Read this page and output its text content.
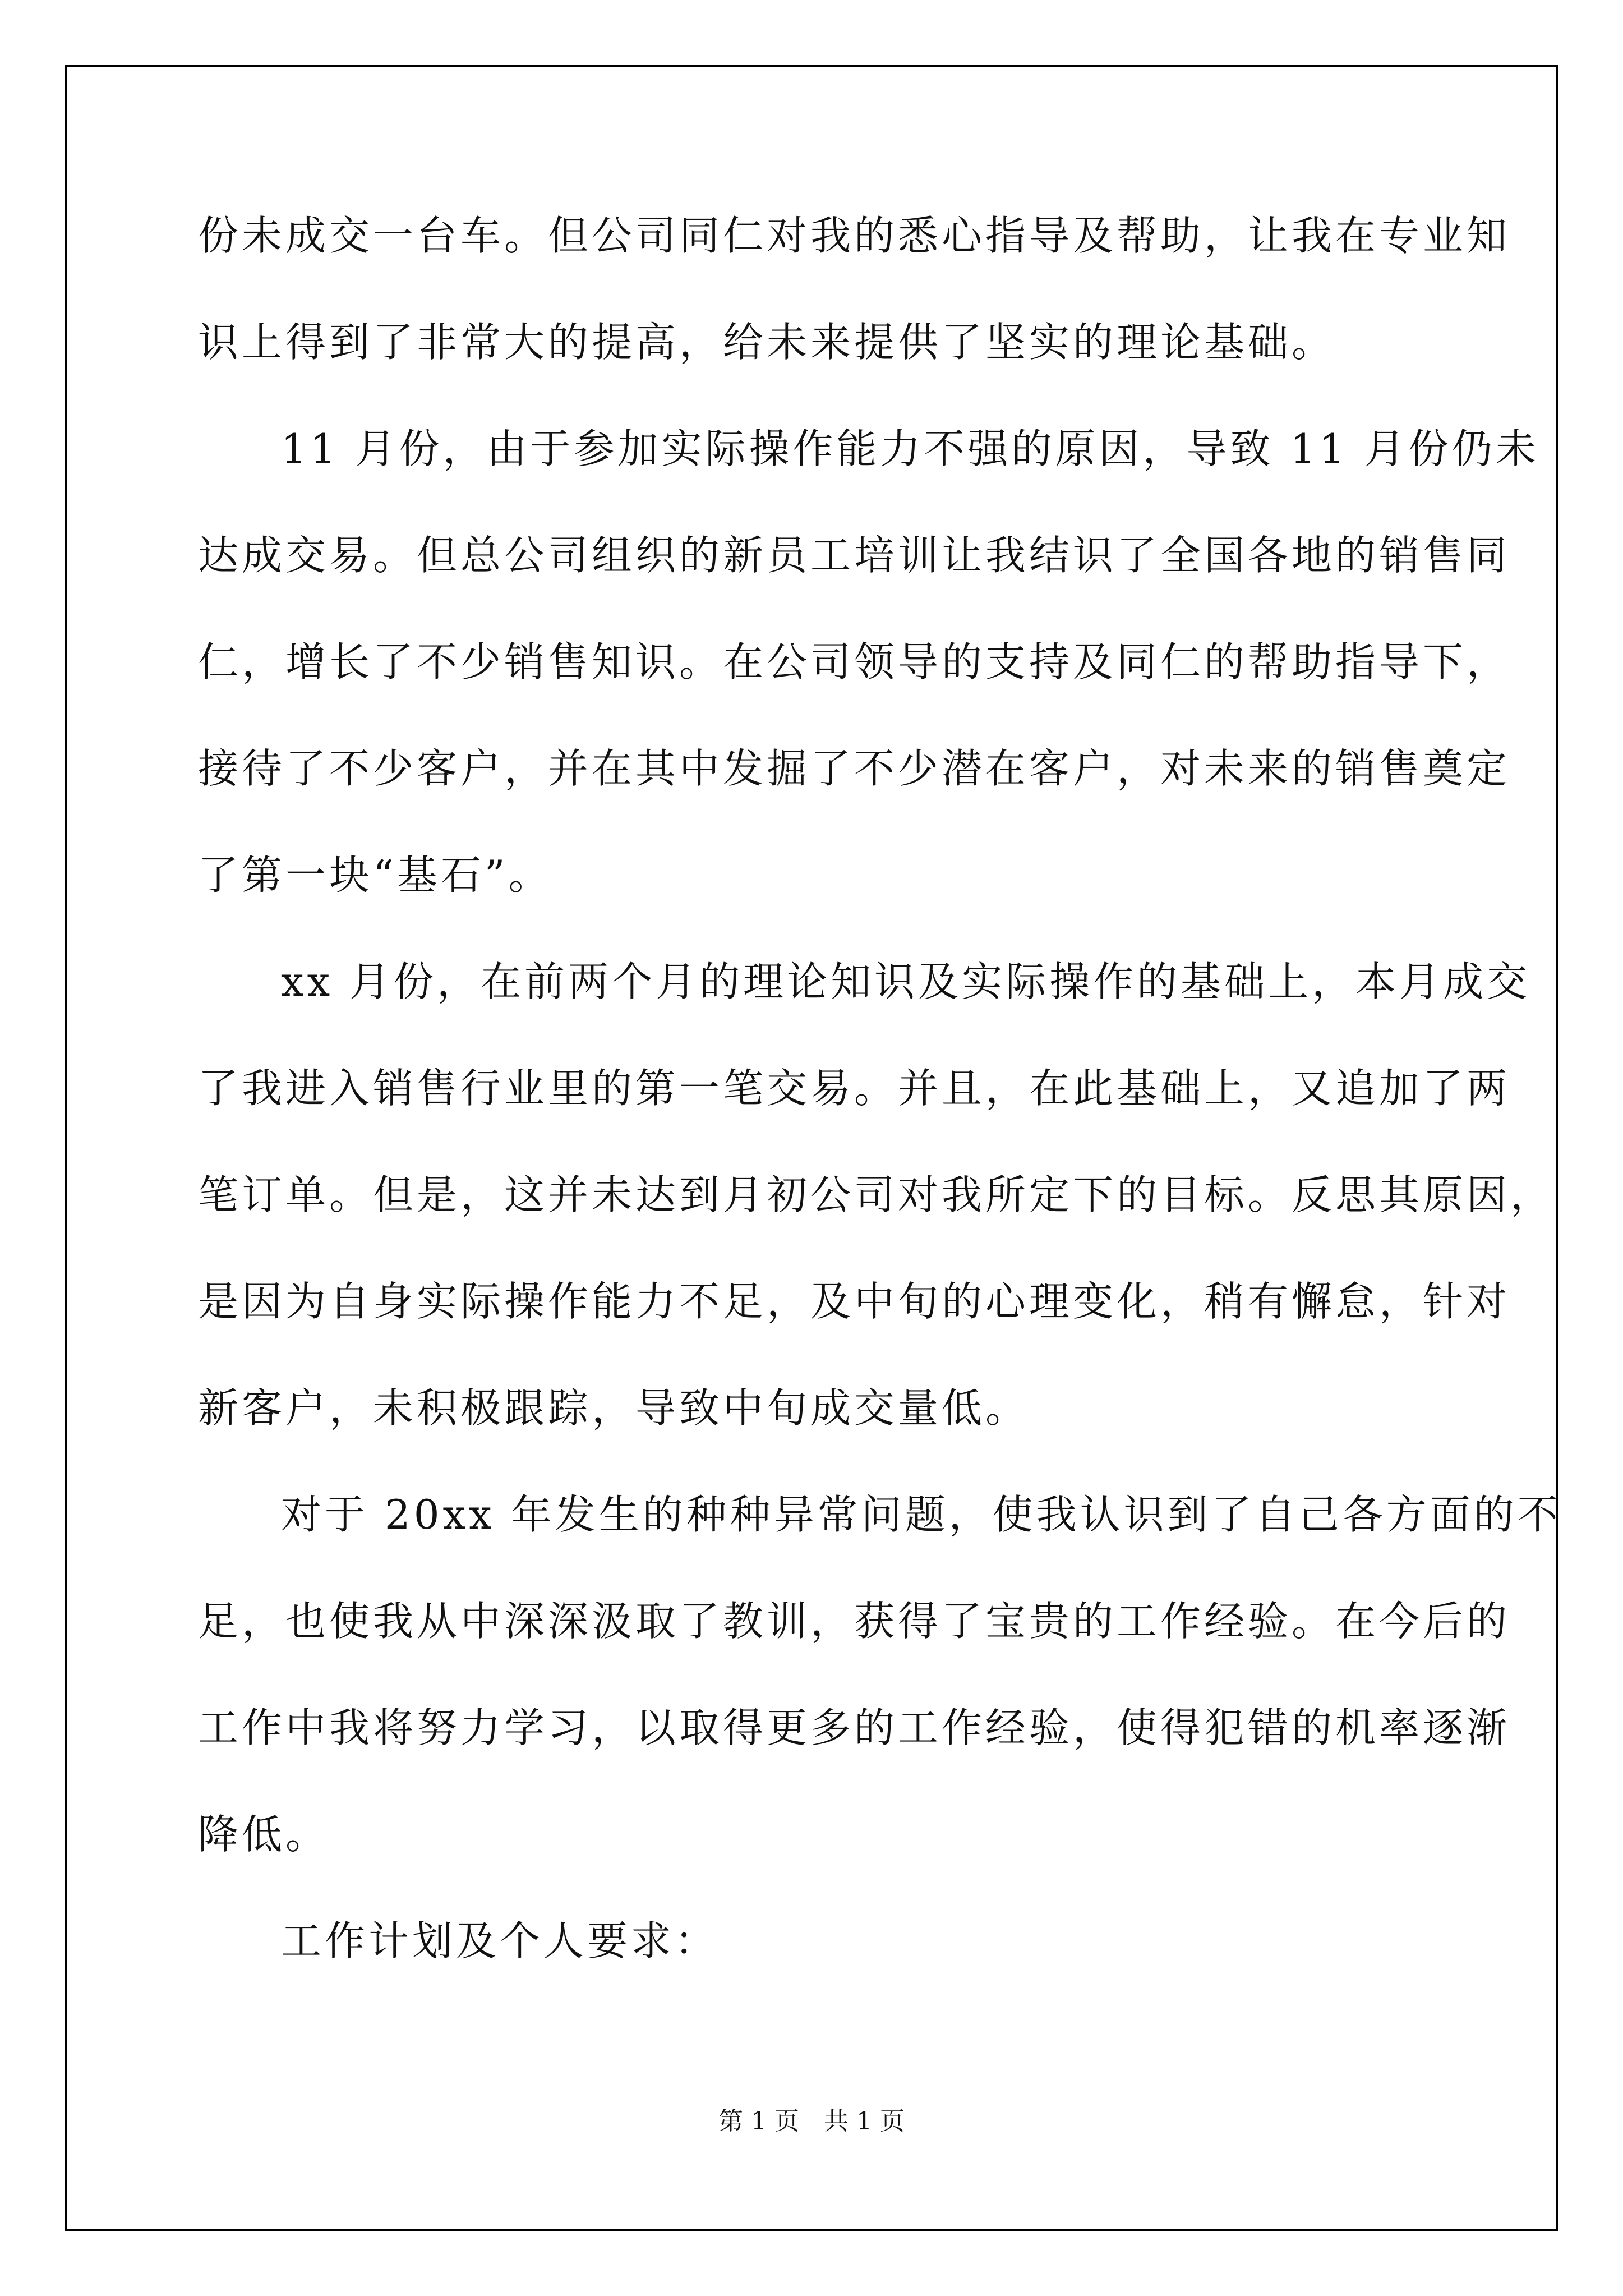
份未成交一台车。但公司同仁对我的悉心指导及帮助，让我在专业知
识上得到了非常大的提高，给未来提供了坚实的理论基础。
11 月份，由于参加实际操作能力不强的原因，导致 11 月份仍未
达成交易。但总公司组织的新员工培训让我结识了全国各地的销售同
仁，增长了不少销售知识。在公司领导的支持及同仁的帮助指导下，
接待了不少客户，并在其中发掘了不少潜在客户，对未来的销售奠定
了第一块“基石”。
xx 月份，在前两个月的理论知识及实际操作的基础上，本月成交
了我进入销售行业里的第一笔交易。并且，在此基础上，又追加了两
笔订单。但是，这并未达到月初公司对我所定下的目标。反思其原因，
是因为自身实际操作能力不足，及中旬的心理变化，稍有懈怠，针对
新客户，未积极跟踪，导致中旬成交量低。
对于 20xx 年发生的种种异常问题，使我认识到了自己各方面的不
足，也使我从中深深汲取了教训，获得了宝贵的工作经验。在今后的
工作中我将努力学习，以取得更多的工作经验，使得犯错的机率逐渐
降低。
工作计划及个人要求：
第 1 页　共 1 页
